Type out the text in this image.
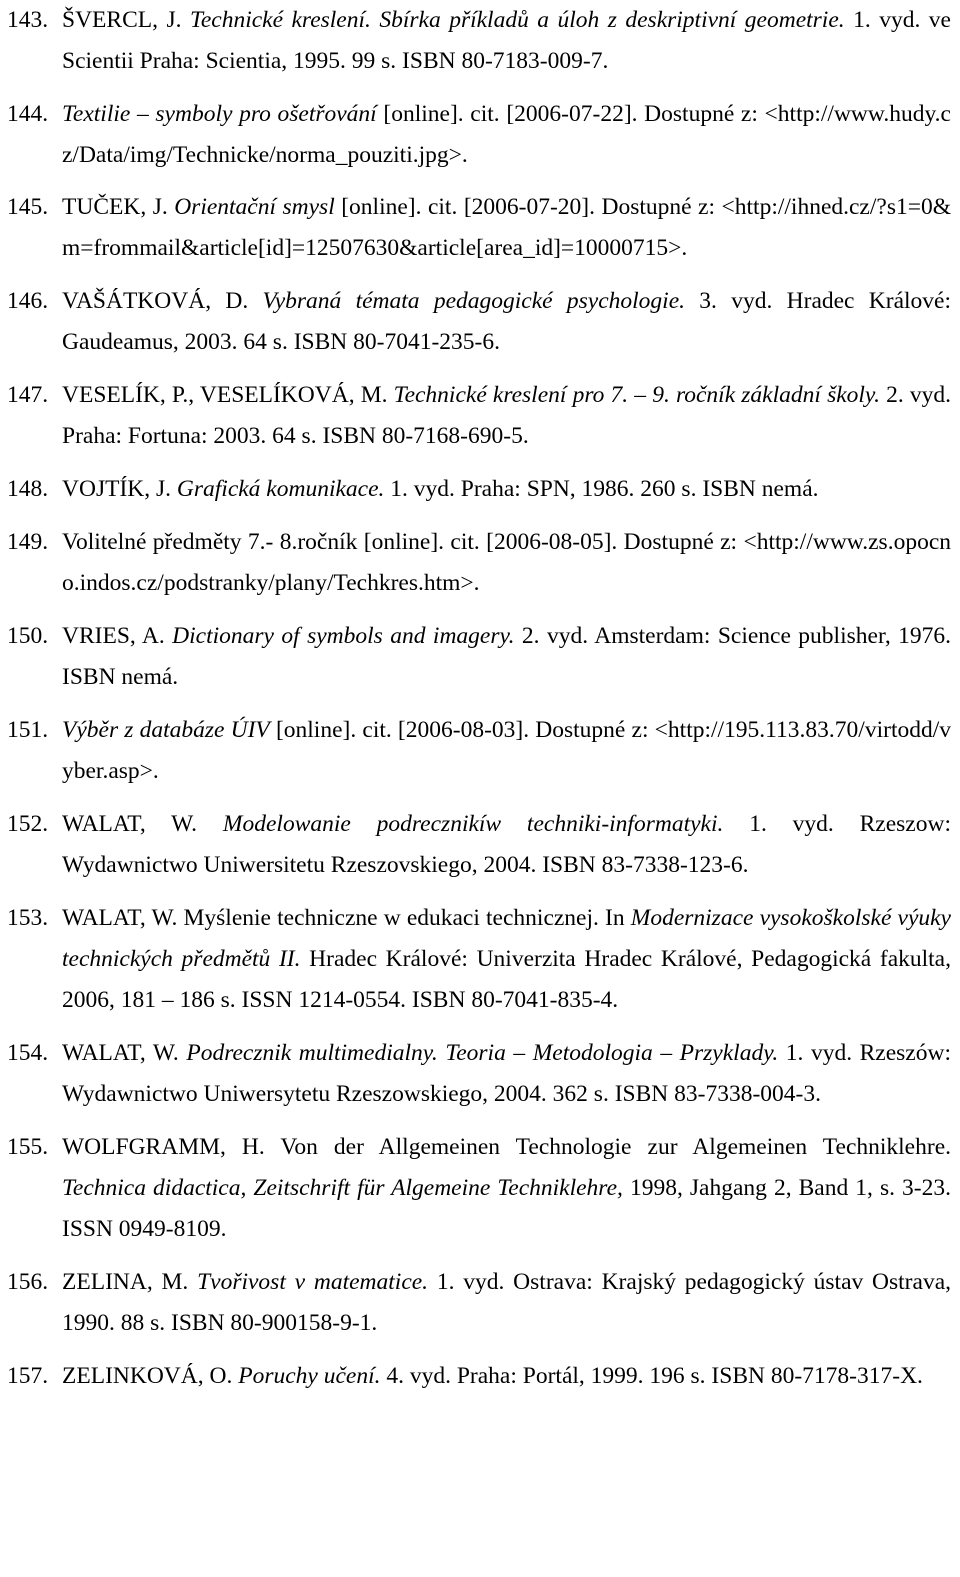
143. ŠVERCL, J. Technické kreslení. Sbírka příkladů a úloh z deskriptivní geometrie. 1. vyd. ve Scientii Praha: Scientia, 1995. 99 s. ISBN 80-7183-009-7.
144. Textilie – symboly pro ošetřování [online]. cit. [2006-07-22]. Dostupné z: <http://www.hudy.cz/Data/img/Technicke/norma_pouziti.jpg>.
145. TUČEK, J. Orientační smysl [online]. cit. [2006-07-20]. Dostupné z: <http://ihned.cz/?s1=0&m=frommail&article[id]=12507630&article[area_id]=10000715>.
146. VAŠÁTKOVÁ, D. Vybraná témata pedagogické psychologie. 3. vyd. Hradec Králové: Gaudeamus, 2003. 64 s. ISBN 80-7041-235-6.
147. VESELÍK, P., VESELÍKOVÁ, M. Technické kreslení pro 7. – 9. ročník základní školy. 2. vyd. Praha: Fortuna: 2003. 64 s. ISBN 80-7168-690-5.
148. VOJTÍK, J. Grafická komunikace. 1. vyd. Praha: SPN, 1986. 260 s. ISBN nemá.
149. Volitelné předměty 7.- 8.ročník [online]. cit. [2006-08-05]. Dostupné z: <http://www.zs.opocno.indos.cz/podstranky/plany/Techkres.htm>.
150. VRIES, A. Dictionary of symbols and imagery. 2. vyd. Amsterdam: Science publisher, 1976. ISBN nemá.
151. Výběr z databáze ÚIV [online]. cit. [2006-08-03]. Dostupné z: <http://195.113.83.70/virtodd/vyber.asp>.
152. WALAT, W. Modelowanie podrecznikíw techniki-informatyki. 1. vyd. Rzeszow: Wydawnictwo Uniwersitetu Rzeszovskiego, 2004. ISBN 83-7338-123-6.
153. WALAT, W. Myślenie techniczne w edukaci technicznej. In Modernizace vysokoškolské výuky technických předmětů II. Hradec Králové: Univerzita Hradec Králové, Pedagogická fakulta, 2006, 181 – 186 s. ISSN 1214-0554. ISBN 80-7041-835-4.
154. WALAT, W. Podrecznik multimedialny. Teoria – Metodologia – Przyklady. 1. vyd. Rzeszów: Wydawnictwo Uniwersytetu Rzeszowskiego, 2004. 362 s. ISBN 83-7338-004-3.
155. WOLFGRAMM, H. Von der Allgemeinen Technologie zur Algemeinen Techniklehre. Technica didactica, Zeitschrift für Algemeine Techniklehre, 1998, Jahgang 2, Band 1, s. 3-23. ISSN 0949-8109.
156. ZELINA, M. Tvořivost v matematice. 1. vyd. Ostrava: Krajský pedagogický ústav Ostrava, 1990. 88 s. ISBN 80-900158-9-1.
157. ZELINKOVÁ, O. Poruchy učení. 4. vyd. Praha: Portál, 1999. 196 s. ISBN 80-7178-317-X.
